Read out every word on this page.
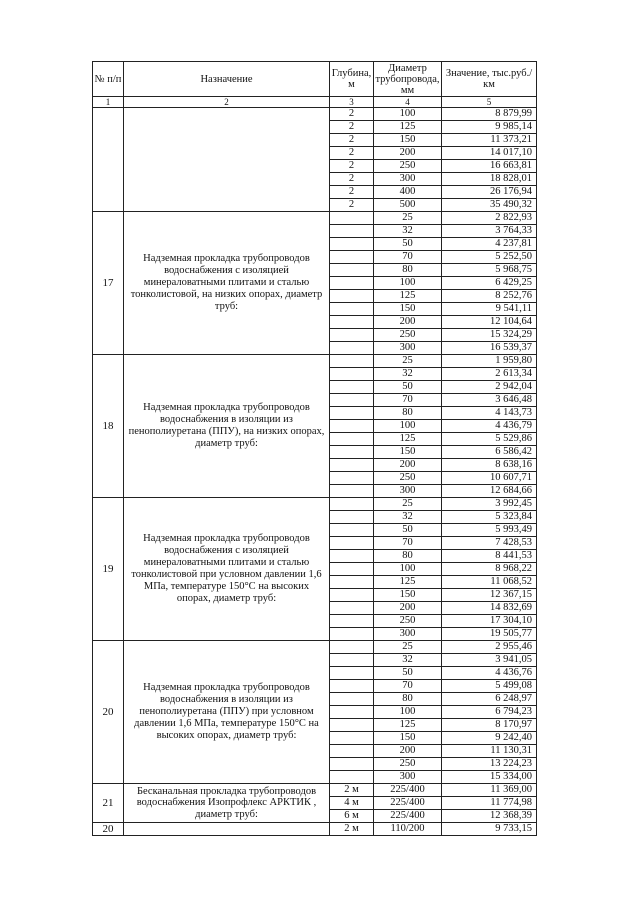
№ п/п	Назначение	Глубина, м	Диаметр трубопровода, мм	Значение, тыс.руб./км
1	2	3	4	5
		2	100	8 879,99
		2	125	9 985,14
		2	150	11 373,21
		2	200	14 017,10
		2	250	16 663,81
		2	300	18 828,01
		2	400	26 176,94
		2	500	35 490,32
17	Надземная прокладка трубопроводов водоснабжения с изоляцией минераловатными плитами и сталью тонколистовой, на низких опорах, диаметр труб:		25	2 822,93
			32	3 764,33
			50	4 237,81
			70	5 252,50
			80	5 968,75
			100	6 429,25
			125	8 252,76
			150	9 541,11
			200	12 104,64
			250	15 324,29
			300	16 539,37
18	Надземная прокладка трубопроводов водоснабжения в изоляции из пенополиуретана (ППУ), на низких опорах, диаметр труб:		25	1 959,80
			32	2 613,34
			50	2 942,04
			70	3 646,48
			80	4 143,73
			100	4 436,79
			125	5 529,86
			150	6 586,42
			200	8 638,16
			250	10 607,71
			300	12 684,66
19	Надземная прокладка трубопроводов водоснабжения с изоляцией минераловатными плитами и сталью тонколистовой при условном давлении 1,6 МПа, температуре 150°С на высоких опорах, диаметр труб:		25	3 992,45
			32	5 323,84
			50	5 993,49
			70	7 428,53
			80	8 441,53
			100	8 968,22
			125	11 068,52
			150	12 367,15
			200	14 832,69
			250	17 304,10
			300	19 505,77
20	Надземная прокладка трубопроводов водоснабжения в изоляции из пенополиуретана (ППУ) при условном давлении 1,6 МПа, температуре 150°С на высоких опорах, диаметр труб:		25	2 955,46
			32	3 941,05
			50	4 436,76
			70	5 499,08
			80	6 248,97
			100	6 794,23
			125	8 170,97
			150	9 242,40
			200	11 130,31
			250	13 224,23
			300	15 334,00
21	Бесканальная прокладка трубопроводов водоснабжения Изопрофлекс АРКТИК , диаметр труб:	2 м	225/400	11 369,00
		4 м	225/400	11 774,98
		6 м	225/400	12 368,39
20		2 м	110/200	9 733,15
